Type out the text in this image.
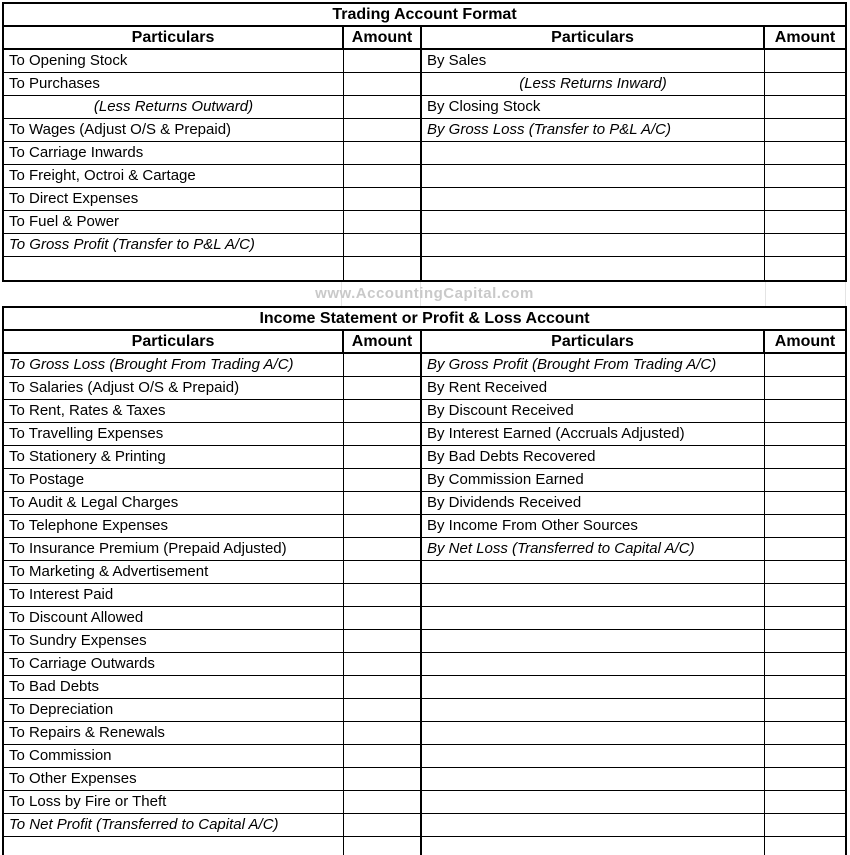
Trading Account Format
Particulars	Amount	Particulars	Amount
To Opening Stock	By Sales
To Purchases	(Less Returns Inward)
(Less Returns Outward)	By Closing Stock
To Wages (Adjust O/S & Prepaid)	By Gross Loss (Transfer to P&L A/C)
To Carriage Inwards
To Freight, Octroi & Cartage
To Direct Expenses
To Fuel & Power
To Gross Profit (Transfer to P&L A/C)
www.AccountingCapital.com
Income Statement or Profit & Loss Account
Particulars	Amount	Particulars	Amount
To Gross Loss (Brought From Trading A/C)	By Gross Profit (Brought From Trading A/C)
To Salaries (Adjust O/S & Prepaid)	By Rent Received
To Rent, Rates & Taxes	By Discount Received
To Travelling Expenses	By Interest Earned (Accruals Adjusted)
To Stationery & Printing	By Bad Debts Recovered
To Postage	By Commission Earned
To Audit & Legal Charges	By Dividends Received
To Telephone Expenses	By Income From Other Sources
To Insurance Premium (Prepaid Adjusted)	By Net Loss (Transferred to Capital A/C)
To Marketing & Advertisement
To Interest Paid
To Discount Allowed
To Sundry Expenses
To Carriage Outwards
To Bad Debts
To Depreciation
To Repairs & Renewals
To Commission
To Other Expenses
To Loss by Fire or Theft
To Net Profit (Transferred to Capital A/C)
